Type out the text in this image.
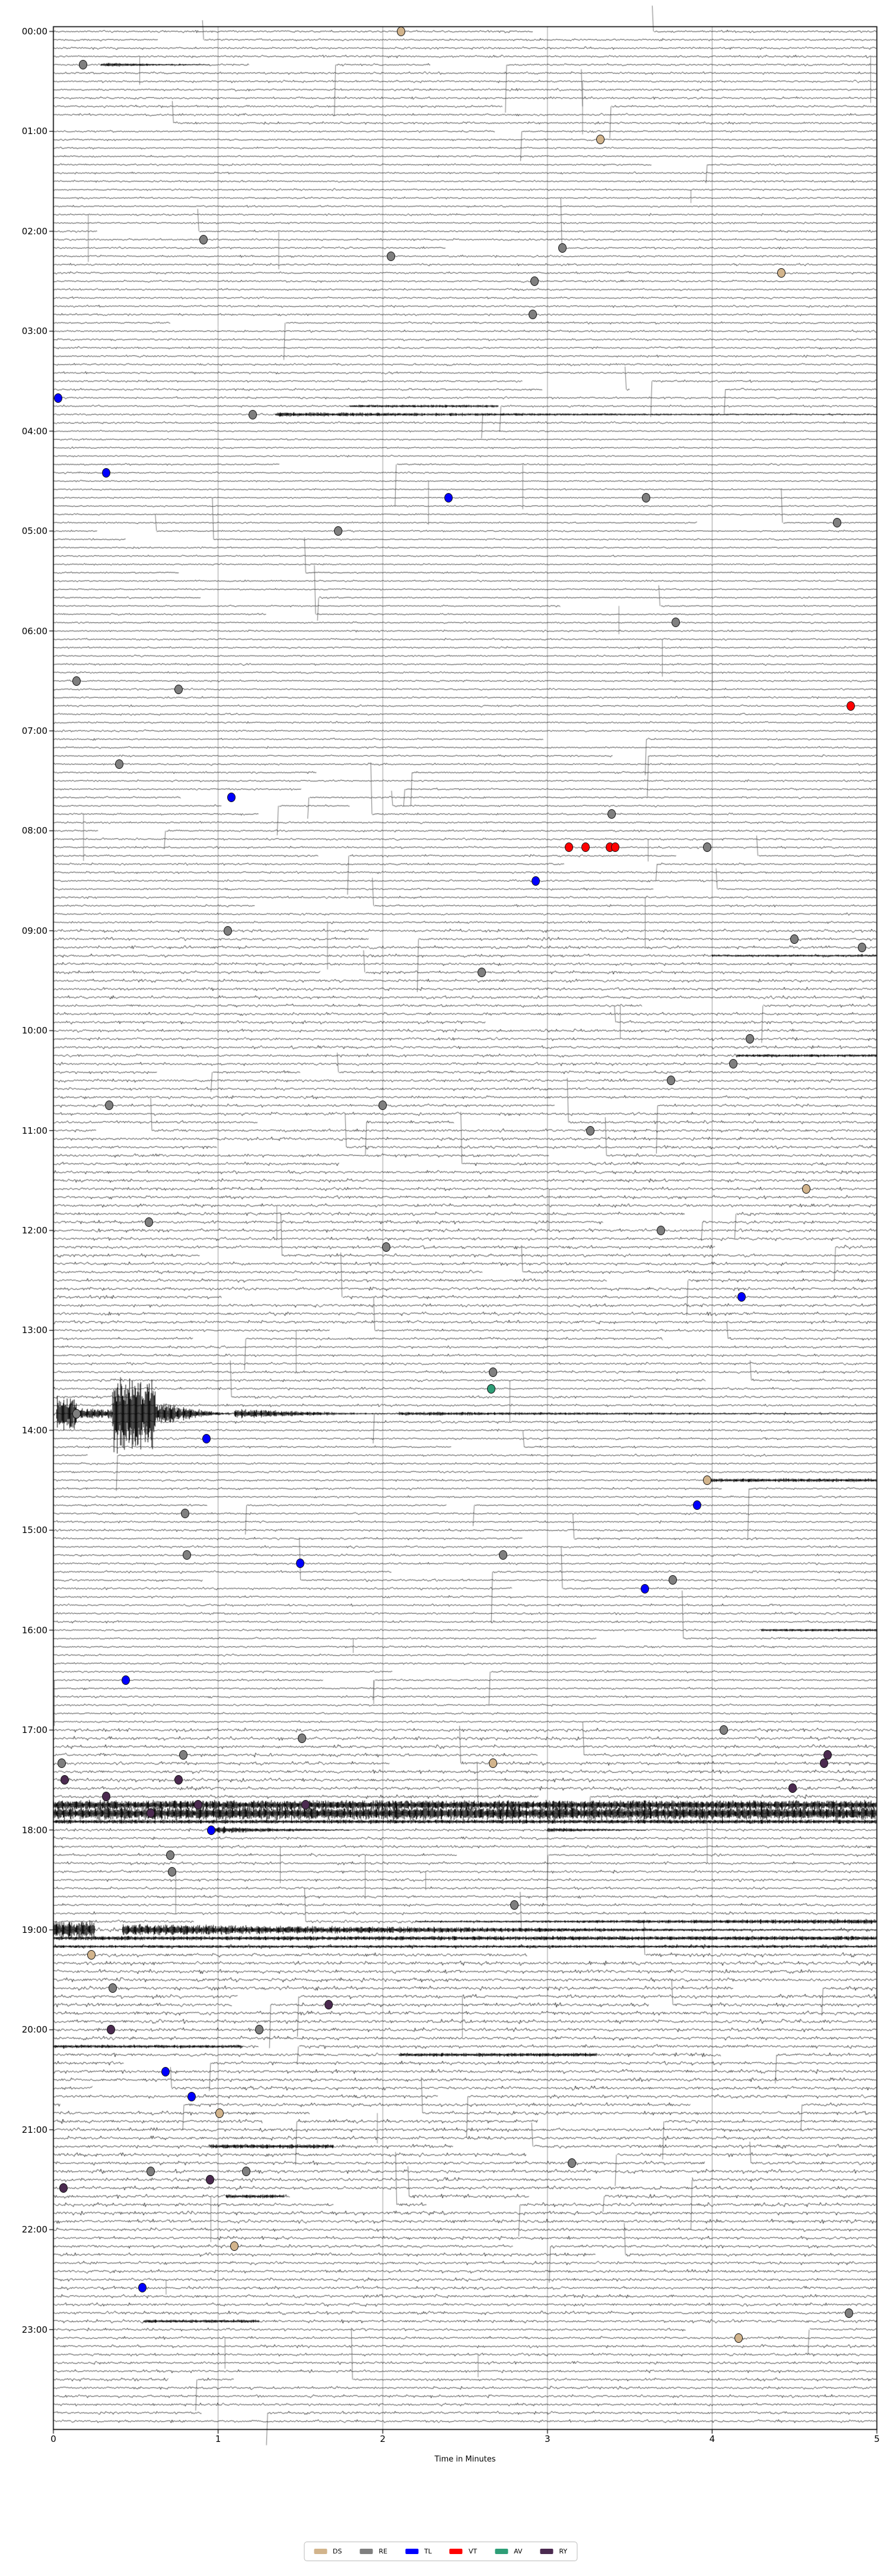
00:00
01:00
02:00
03:00
04:00
05:00
06:00
07:00
08:00
09:00
10:00
11:00
12:00
13:00
14:00
15:00
16:00
17:00
18:00
19:00
20:00
21:00
22:00
23:00
0	1	2	3	4	5
Time in Minutes
DS	RE	TL	VT	AV	RY
